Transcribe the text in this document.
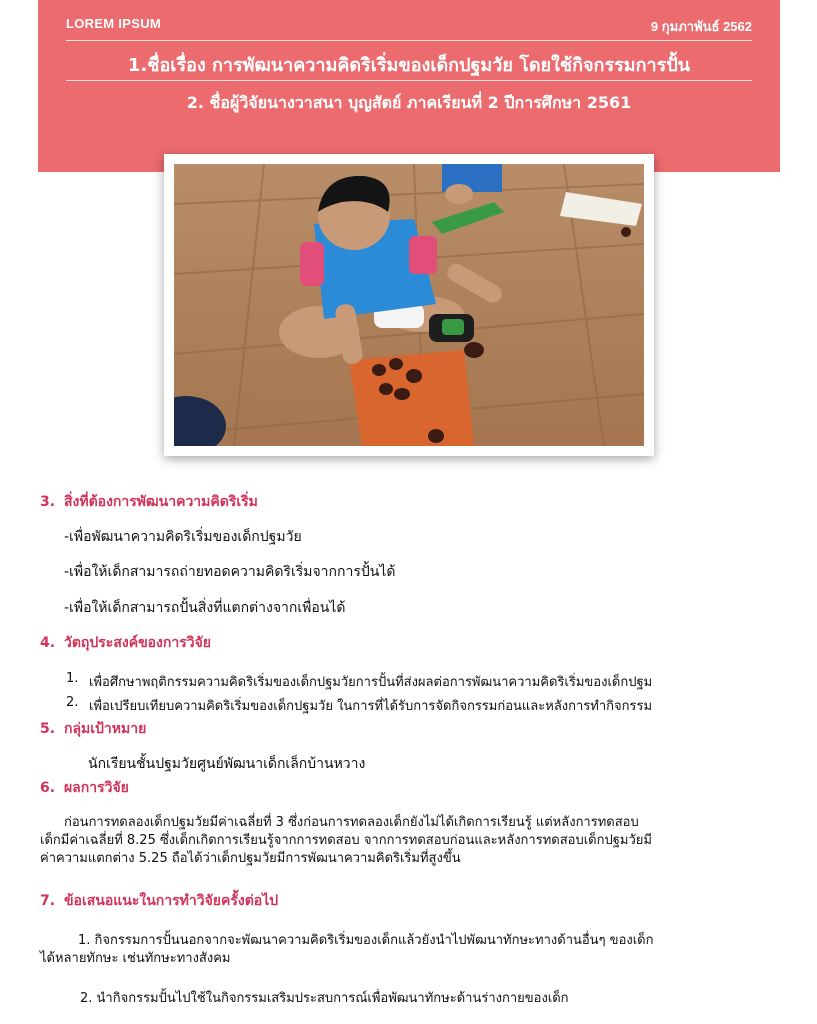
LOREM IPSUM	9 กุมภาพันธ์ 2562
1.ชื่อเรื่อง การพัฒนาความคิดริเริ่มของเด็กปฐมวัย โดยใช้กิจกรรมการปั้น
2. ชื่อผู้วิจัยนางวาสนา บุญสัตย์ ภาคเรียนที่ 2 ปีการศึกษา 2561
3. สิ่งที่ต้องการพัฒนาความคิดริเริ่ม
-เพื่อพัฒนาความคิดริเริ่มของเด็กปฐมวัย
-เพื่อให้เด็กสามารถถ่ายทอดความคิดริเริ่มจากการปั้นได้
-เพื่อให้เด็กสามารถปั้นสิ่งที่แตกต่างจากเพื่อนได้
4. วัตถุประสงค์ของการวิจัย
1. เพื่อศึกษาพฤติกรรมความคิดริเริ่มของเด็กปฐมวัยการปั้นที่ส่งผลต่อการพัฒนาความคิดริเริ่มของเด็กปฐม
2. เพื่อเปรียบเทียบความคิดริเริ่มของเด็กปฐมวัย ในการที่ได้รับการจัดกิจกรรมก่อนและหลังการทำกิจกรรม
5. กลุ่มเป้าหมาย
นักเรียนชั้นปฐมวัยศูนย์พัฒนาเด็กเล็กบ้านหวาง
6. ผลการวิจัย
ก่อนการทดลองเด็กปฐมวัยมีค่าเฉลี่ยที่ 3 ซึ่งก่อนการทดลองเด็กยังไม่ได้เกิดการเรียนรู้ แต่หลังการทดสอบ
เด็กมีค่าเฉลี่ยที่ 8.25 ซึ่งเด็กเกิดการเรียนรู้จากการทดสอบ จากการทดสอบก่อนและหลังการทดสอบเด็กปฐมวัยมี
ค่าความแตกต่าง 5.25 ถือได้ว่าเด็กปฐมวัยมีการพัฒนาความคิดริเริ่มที่สูงขึ้น
7. ข้อเสนอแนะในการทำวิจัยครั้งต่อไป
1. กิจกรรมการปั้นนอกจากจะพัฒนาความคิดริเริ่มของเด็กแล้วยังนำไปพัฒนาทักษะทางด้านอื่นๆ ของเด็ก
ได้หลายทักษะ เช่นทักษะทางสังคม
2. นำกิจกรรมปั้นไปใช้ในกิจกรรมเสริมประสบการณ์เพื่อพัฒนาทักษะด้านร่างกายของเด็ก
